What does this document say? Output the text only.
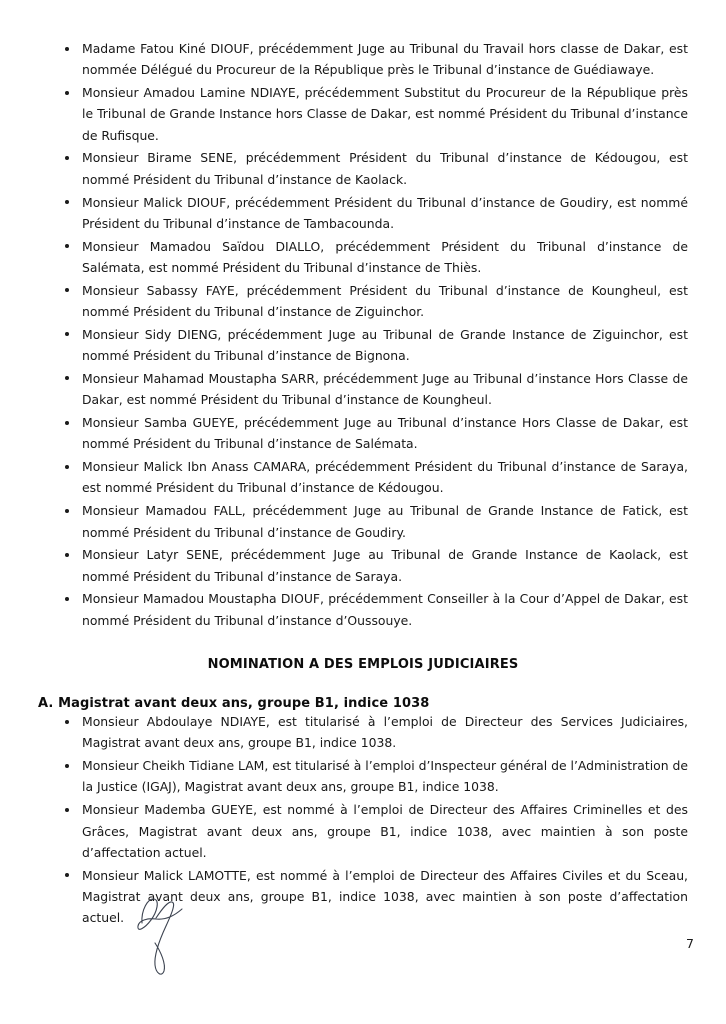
Madame Fatou Kiné DIOUF, précédemment Juge au Tribunal du Travail hors classe de Dakar, est nommée Délégué du Procureur de la République près le Tribunal d’instance de Guédiawaye.
Monsieur Amadou Lamine NDIAYE, précédemment Substitut du Procureur de la République près le Tribunal de Grande Instance hors Classe de Dakar, est nommé Président du Tribunal d’instance de Rufisque.
Monsieur Birame SENE, précédemment Président du Tribunal d’instance de Kédougou, est nommé Président du Tribunal d’instance de Kaolack.
Monsieur Malick DIOUF, précédemment Président du Tribunal d’instance de Goudiry, est nommé Président du Tribunal d’instance de Tambacounda.
Monsieur Mamadou Saïdou DIALLO, précédemment Président du Tribunal d’instance de Salémata, est nommé Président du Tribunal d’instance de Thiès.
Monsieur Sabassy FAYE, précédemment Président du Tribunal d’instance de Koungheul, est nommé Président du Tribunal d’instance de Ziguinchor.
Monsieur Sidy DIENG, précédemment Juge au Tribunal de Grande Instance de Ziguinchor, est nommé Président du Tribunal d’instance de Bignona.
Monsieur Mahamad Moustapha SARR, précédemment Juge au Tribunal d’instance Hors Classe de Dakar, est nommé Président du Tribunal d’instance de Koungheul.
Monsieur Samba GUEYE, précédemment Juge au Tribunal d’instance Hors Classe de Dakar, est nommé Président du Tribunal d’instance de Salémata.
Monsieur Malick Ibn Anass CAMARA, précédemment Président du Tribunal d’instance de Saraya, est nommé Président du Tribunal d’instance de Kédougou.
Monsieur Mamadou FALL, précédemment Juge au Tribunal de Grande Instance de Fatick, est nommé Président du Tribunal d’instance de Goudiry.
Monsieur Latyr SENE, précédemment Juge au Tribunal de Grande Instance de Kaolack, est nommé Président du Tribunal d’instance de Saraya.
Monsieur Mamadou Moustapha DIOUF, précédemment Conseiller à la Cour d’Appel de Dakar, est nommé Président du Tribunal d’instance d’Oussouye.
NOMINATION A DES EMPLOIS JUDICIAIRES
A. Magistrat avant deux ans, groupe B1, indice 1038
Monsieur Abdoulaye NDIAYE, est titularisé à l’emploi de Directeur des Services Judiciaires, Magistrat avant deux ans, groupe B1, indice 1038.
Monsieur Cheikh Tidiane LAM, est titularisé à l’emploi d’Inspecteur général de l’Administration de la Justice (IGAJ), Magistrat avant deux ans, groupe B1, indice 1038.
Monsieur Mademba GUEYE, est nommé à l’emploi de Directeur des Affaires Criminelles et des Grâces, Magistrat avant deux ans, groupe B1, indice 1038, avec maintien à son poste d’affectation actuel.
Monsieur Malick LAMOTTE, est nommé à l’emploi de Directeur des Affaires Civiles et du Sceau, Magistrat avant deux ans, groupe B1, indice 1038, avec maintien à son poste d’affectation actuel.
7
